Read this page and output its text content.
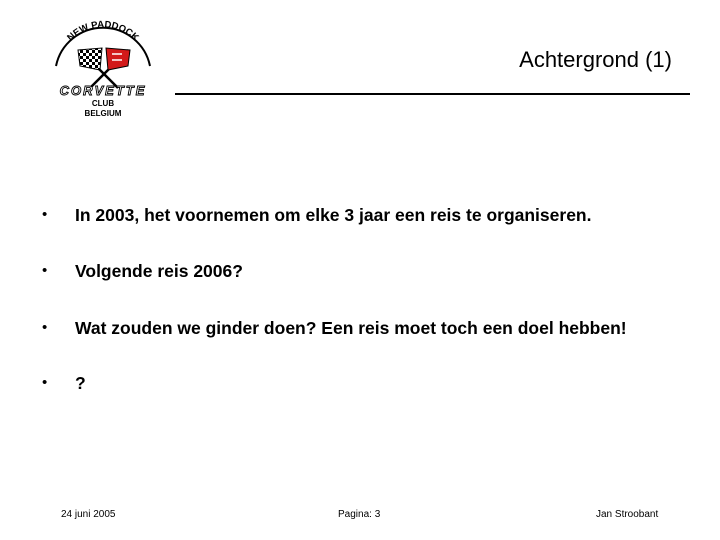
NEW PADDOCK
CORVETTE
CLUB
BELGIUM
Achtergrond (1)
• In 2003, het voornemen om elke 3 jaar een reis te organiseren.
• Volgende reis 2006?
• Wat zouden we ginder doen? Een reis moet toch een doel hebben!
• ?
24 juni 2005	Pagina: 3	Jan Stroobant
